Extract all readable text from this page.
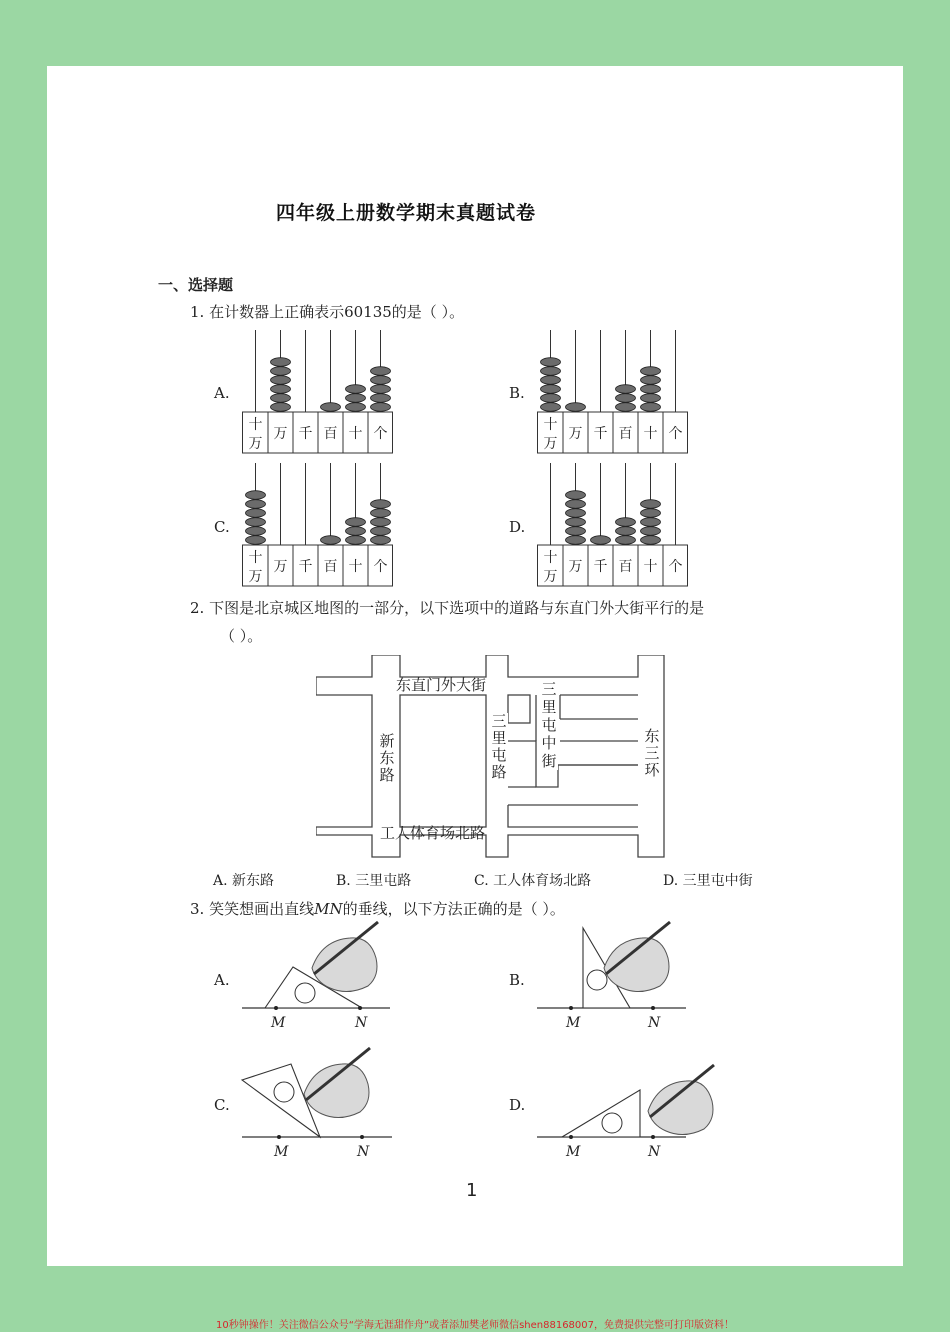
四年级上册数学期末真题试卷
一、选择题
1. 在计数器上正确表示60135的是（ ）。
A.
十
万
万 千 百 十 个
B.
十
万
万 千 百 十 个
C.
十
万
万 千 百 十 个
D.
十
万
万 千 百 十 个
2. 下图是北京城区地图的一部分，以下选项中的道路与东直门外大街平行的是
（ ）。
东直门外大街
工人体育场北路
新东路
三里屯路
三里屯中街
东三环
A. 新东路	B. 三里屯路	C. 工人体育场北路	D. 三里屯中街
3. 笑笑想画出直线MN的垂线，以下方法正确的是（ ）。
A.	B.
C.	D.
M	N	M	N
M	N	M	N
1
10秒钟操作！关注微信公众号“学海无涯甜作舟”或者添加樊老师微信shen88168007，免费提供完整可打印版资料！
